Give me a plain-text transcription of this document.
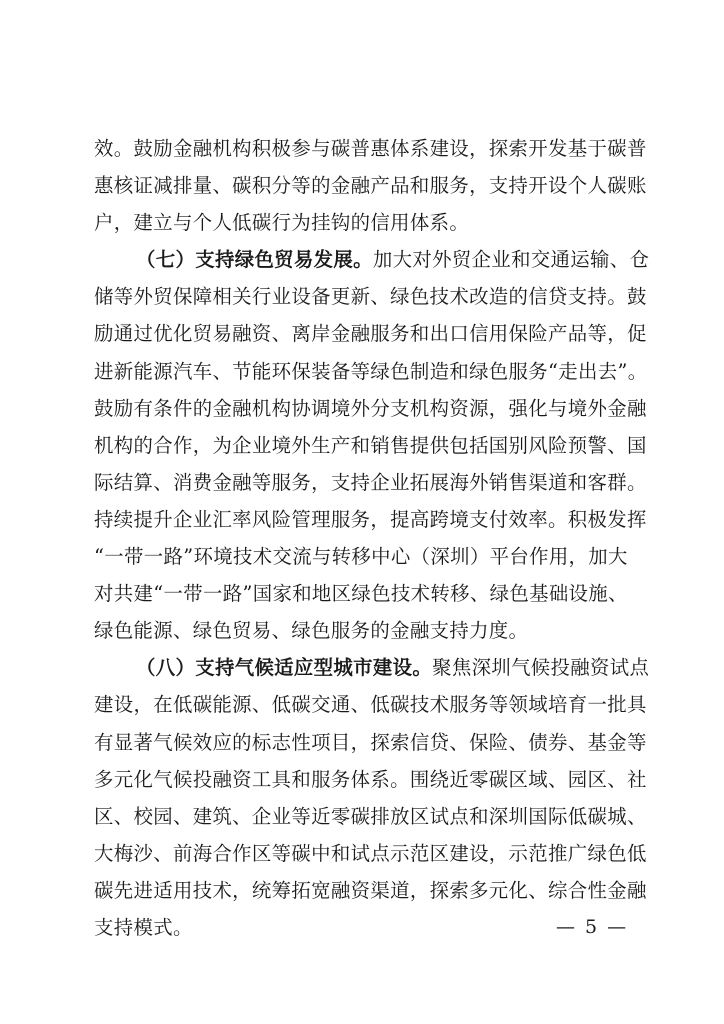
效。鼓励金融机构积极参与碳普惠体系建设，探索开发基于碳普
惠核证减排量、碳积分等的金融产品和服务，支持开设个人碳账
户，建立与个人低碳行为挂钩的信用体系。
（七）支持绿色贸易发展。加大对外贸企业和交通运输、仓
储等外贸保障相关行业设备更新、绿色技术改造的信贷支持。鼓
励通过优化贸易融资、离岸金融服务和出口信用保险产品等，促
进新能源汽车、节能环保装备等绿色制造和绿色服务“走出去”。
鼓励有条件的金融机构协调境外分支机构资源，强化与境外金融
机构的合作，为企业境外生产和销售提供包括国别风险预警、国
际结算、消费金融等服务，支持企业拓展海外销售渠道和客群。
持续提升企业汇率风险管理服务，提高跨境支付效率。积极发挥
“一带一路”环境技术交流与转移中心（深圳）平台作用，加大
对共建“一带一路”国家和地区绿色技术转移、绿色基础设施、
绿色能源、绿色贸易、绿色服务的金融支持力度。
（八）支持气候适应型城市建设。聚焦深圳气候投融资试点
建设，在低碳能源、低碳交通、低碳技术服务等领域培育一批具
有显著气候效应的标志性项目，探索信贷、保险、债券、基金等
多元化气候投融资工具和服务体系。围绕近零碳区域、园区、社
区、校园、建筑、企业等近零碳排放区试点和深圳国际低碳城、
大梅沙、前海合作区等碳中和试点示范区建设，示范推广绿色低
碳先进适用技术，统筹拓宽融资渠道，探索多元化、综合性金融
支持模式。	— 5 —
